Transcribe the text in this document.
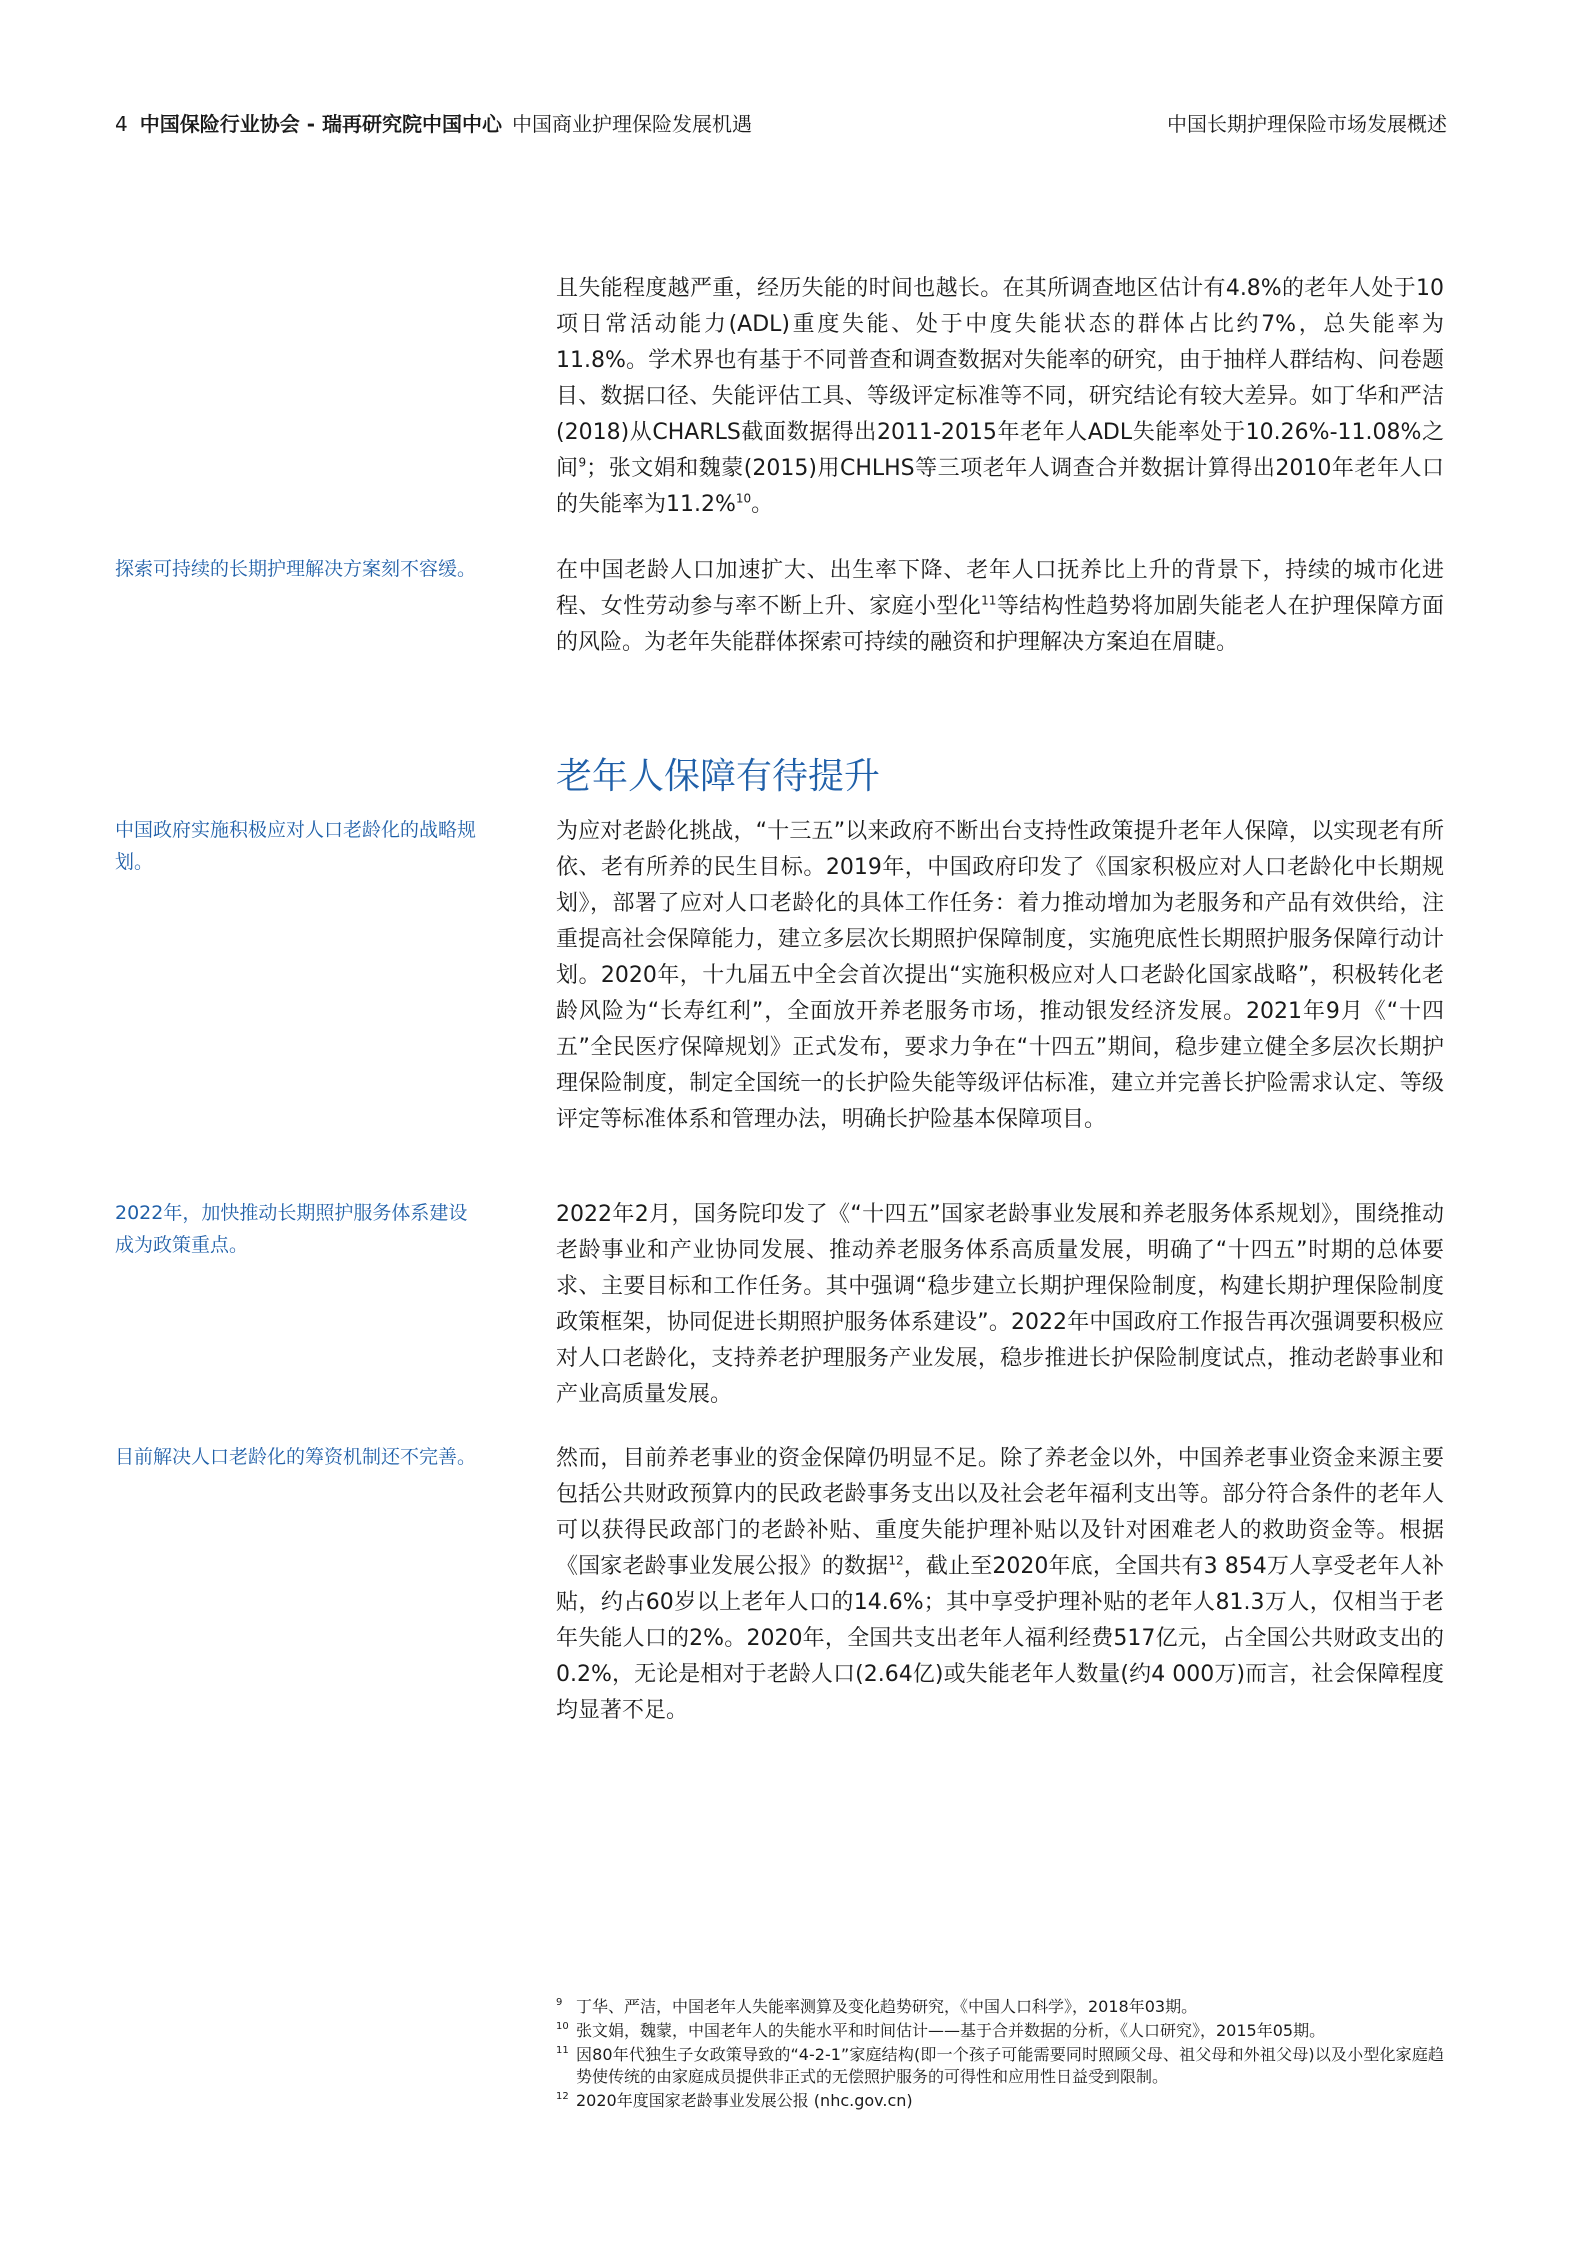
4 中国保险行业协会 - 瑞再研究院中国中心 中国商业护理保险发展机遇	中国长期护理保险市场发展概述

且失能程度越严重，经历失能的时间也越长。在其所调查地区估计有4.8%的老年人处于10项日常活动能力(ADL)重度失能、处于中度失能状态的群体占比约7%，总失能率为11.8%。学术界也有基于不同普查和调查数据对失能率的研究，由于抽样人群结构、问卷题目、数据口径、失能评估工具、等级评定标准等不同，研究结论有较大差异。如丁华和严洁(2018)从CHARLS截面数据得出2011-2015年老年人ADL失能率处于10.26%-11.08%之间$^9$；张文娟和魏蒙(2015)用CHLHS等三项老年人调查合并数据计算得出2010年老年人口的失能率为11.2%$^{10}$。

探索可持续的长期护理解决方案刻不容缓。	在中国老龄人口加速扩大、出生率下降、老年人口抚养比上升的背景下，持续的城市化进程、女性劳动参与率不断上升、家庭小型化$^{11}$等结构性趋势将加剧失能老人在护理保障方面的风险。为老年失能群体探索可持续的融资和护理解决方案迫在眉睫。

老年人保障有待提升

中国政府实施积极应对人口老龄化的战略规划。

为应对老龄化挑战，“十三五”以来政府不断出台支持性政策提升老年人保障，以实现老有所依、老有所养的民生目标。2019年，中国政府印发了《国家积极应对人口老龄化中长期规划》，部署了应对人口老龄化的具体工作任务：着力推动增加为老服务和产品有效供给，注重提高社会保障能力，建立多层次长期照护保障制度，实施兜底性长期照护服务保障行动计划。2020年，十九届五中全会首次提出“实施积极应对人口老龄化国家战略”，积极转化老龄风险为“长寿红利”，全面放开养老服务市场，推动银发经济发展。2021年9月《“十四五”全民医疗保障规划》正式发布，要求力争在“十四五”期间，稳步建立健全多层次长期护理保险制度，制定全国统一的长护险失能等级评估标准，建立并完善长护险需求认定、等级评定等标准体系和管理办法，明确长护险基本保障项目。

2022年，加快推动长期照护服务体系建设成为政策重点。

2022年2月，国务院印发了《“十四五”国家老龄事业发展和养老服务体系规划》，围绕推动老龄事业和产业协同发展、推动养老服务体系高质量发展，明确了“十四五”时期的总体要求、主要目标和工作任务。其中强调“稳步建立长期护理保险制度，构建长期护理保险制度政策框架，协同促进长期照护服务体系建设”。2022年中国政府工作报告再次强调要积极应对人口老龄化，支持养老护理服务产业发展，稳步推进长护保险制度试点，推动老龄事业和产业高质量发展。

目前解决人口老龄化的筹资机制还不完善。	然而，目前养老事业的资金保障仍明显不足。除了养老金以外，中国养老事业资金来源主要包括公共财政预算内的民政老龄事务支出以及社会老年福利支出等。部分符合条件的老年人可以获得民政部门的老龄补贴、重度失能护理补贴以及针对困难老人的救助资金等。根据《国家老龄事业发展公报》的数据$^{12}$，截止至2020年底，全国共有3 854万人享受老年人补贴，约占60岁以上老年人口的14.6%；其中享受护理补贴的老年人81.3万人，仅相当于老年失能人口的2%。2020年，全国共支出老年人福利经费517亿元，占全国公共财政支出的0.2%，无论是相对于老龄人口(2.64亿)或失能老年人数量(约4 000万)而言，社会保障程度均显著不足。

9 丁华、严洁，中国老年人失能率测算及变化趋势研究，《中国人口科学》，2018年03期。

10 张文娟，魏蒙，中国老年人的失能水平和时间估计——基于合并数据的分析，《人口研究》，2015年05期。

11 因80年代独生子女政策导致的“4-2-1”家庭结构(即一个孩子可能需要同时照顾父母、祖父母和外祖父母)以及小型化家庭趋势使传统的由家庭成员提供非正式的无偿照护服务的可得性和应用性日益受到限制。

12 2020年度国家老龄事业发展公报 (nhc.gov.cn)
